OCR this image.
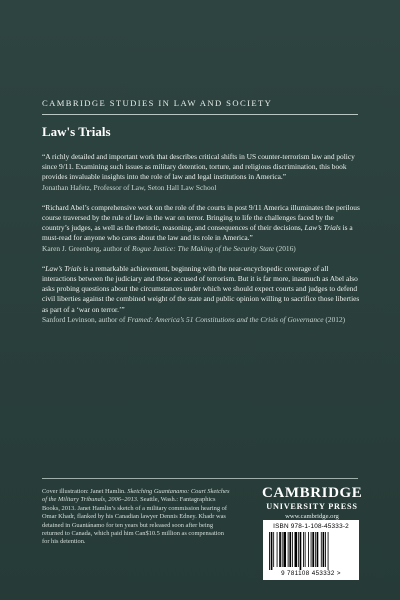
CAMBRIDGE STUDIES IN LAW AND SOCIETY
Law's Trials

“A richly detailed and important work that describes critical shifts in US counter-terrorism law and policy since 9/11. Examining such issues as military detention, torture, and religious discrimination, this book provides invaluable insights into the role of law and legal institutions in America.”

Jonathan Hafetz, Professor of Law, Seton Hall Law School

“Richard Abel’s comprehensive work on the role of the courts in post 9/11 America illuminates the perilous course traversed by the rule of law in the war on terror. Bringing to life the challenges faced by the country’s judges, as well as the rhetoric, reasoning, and consequences of their decisions, Law’s Trials is a must-read for anyone who cares about the law and its role in America.”

Karen J. Greenberg, author of Rogue Justice: The Making of the Security State (2016)

“Law’s Trials is a remarkable achievement, beginning with the near-encyclopedic coverage of all interactions between the judiciary and those accused of terrorism. But it is far more, inasmuch as Abel also asks probing questions about the circumstances under which we should expect courts and judges to defend civil liberties against the combined weight of the state and public opinion willing to sacrifice those liberties as part of a ‘war on terror.’”

Sanford Levinson, author of Framed: America’s 51 Constitutions and the Crisis of Governance (2012)

Cover illustration: Janet Hamlin. Sketching Guantanamo: Court Sketches of the Military Tribunals, 2006–2013. Seattle, Wash.: Fantagraphics Books, 2013. Janet Hamlin’s sketch of a military commission hearing of Omar Khadr, flanked by his Canadian lawyer Dennis Edney. Khadr was detained in Guantánamo for ten years but released soon after being returned to Canada, which paid him Can$10.5 million as compensation for his detention.
CAMBRIDGE
UNIVERSITY PRESS
www.cambridge.org
ISBN 978-1-108-45333-2
9 781108 453332 >
